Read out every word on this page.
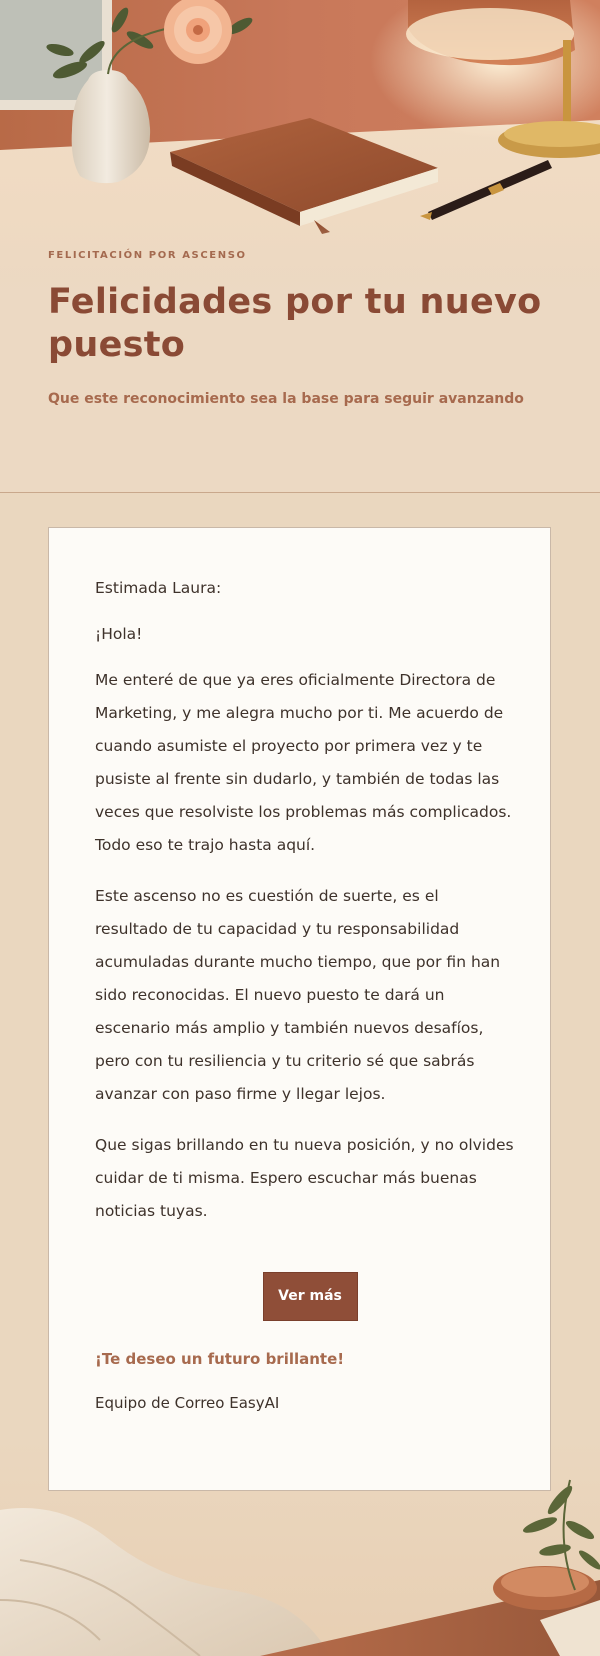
FELICITACIÓN POR ASCENSO
Felicidades por tu nuevo puesto
Que este reconocimiento sea la base para seguir avanzando

Estimada Laura:

¡Hola!

Me enteré de que ya eres oficialmente Directora de Marketing, y me alegra mucho por ti. Me acuerdo de cuando asumiste el proyecto por primera vez y te pusiste al frente sin dudarlo, y también de todas las veces que resolviste los problemas más complicados. Todo eso te trajo hasta aquí.

Este ascenso no es cuestión de suerte, es el resultado de tu capacidad y tu responsabilidad acumuladas durante mucho tiempo, que por fin han sido reconocidas. El nuevo puesto te dará un escenario más amplio y también nuevos desafíos, pero con tu resiliencia y tu criterio sé que sabrás avanzar con paso firme y llegar lejos.

Que sigas brillando en tu nueva posición, y no olvides cuidar de ti misma. Espero escuchar más buenas noticias tuyas.

Ver más
¡Te deseo un futuro brillante!
Equipo de Correo EasyAI
